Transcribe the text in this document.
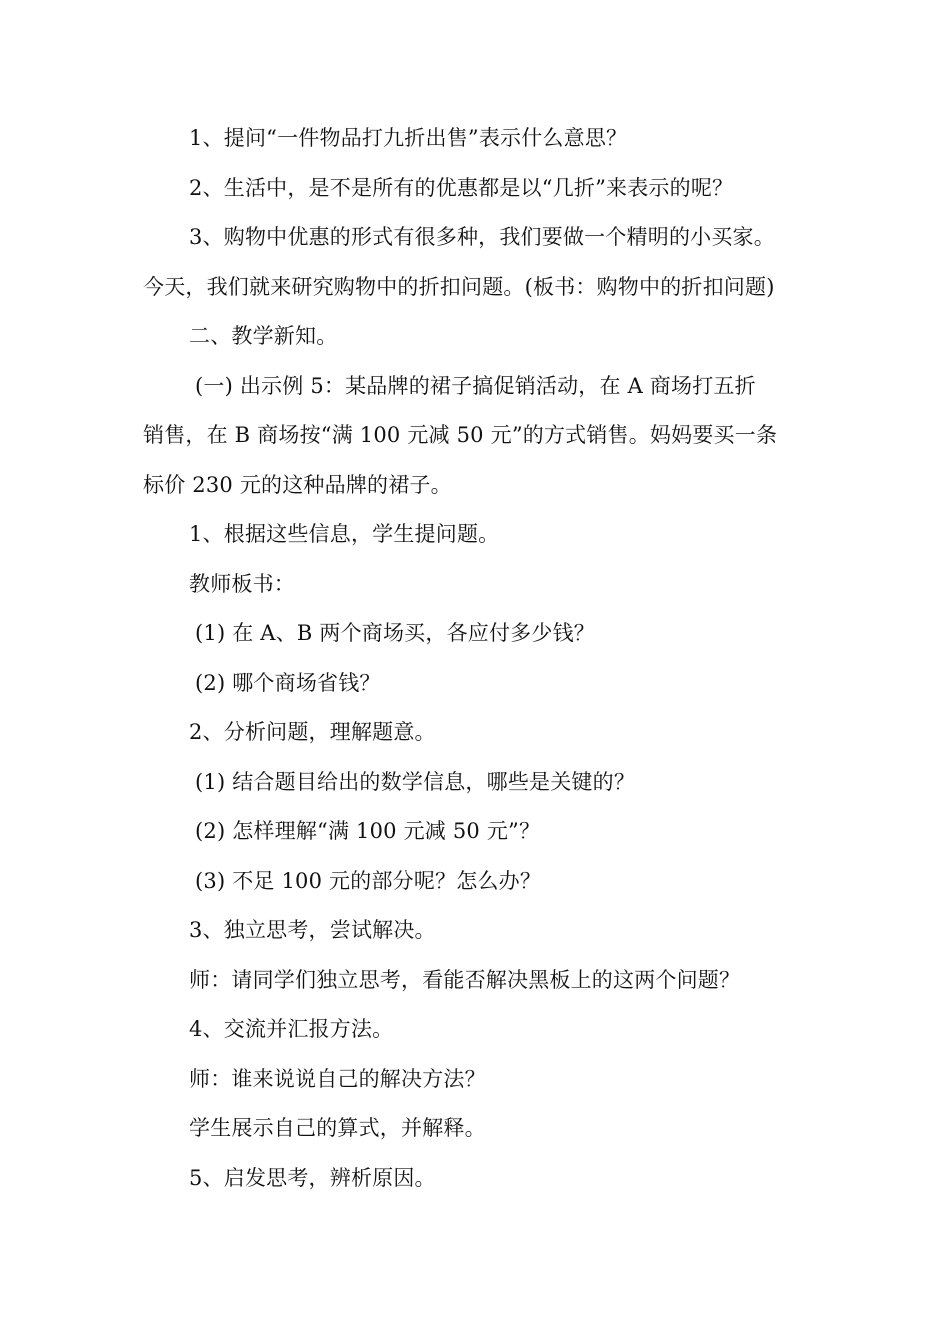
1、提问“一件物品打九折出售”表示什么意思？
2、生活中，是不是所有的优惠都是以“几折”来表示的呢？
3、购物中优惠的形式有很多种，我们要做一个精明的小买家。
今天，我们就来研究购物中的折扣问题。(板书：购物中的折扣问题)
二、教学新知。
(一) 出示例 5：某品牌的裙子搞促销活动，在 A 商场打五折
销售，在 B 商场按“满 100 元减 50 元”的方式销售。妈妈要买一条
标价 230 元的这种品牌的裙子。
1、根据这些信息，学生提问题。
教师板书：
(1) 在 A、B 两个商场买，各应付多少钱？
(2) 哪个商场省钱？
2、分析问题，理解题意。
(1) 结合题目给出的数学信息，哪些是关键的？
(2) 怎样理解“满 100 元减 50 元”？
(3) 不足 100 元的部分呢？怎么办？
3、独立思考，尝试解决。
师：请同学们独立思考，看能否解决黑板上的这两个问题？
4、交流并汇报方法。
师：谁来说说自己的解决方法？
学生展示自己的算式，并解释。
5、启发思考，辨析原因。
